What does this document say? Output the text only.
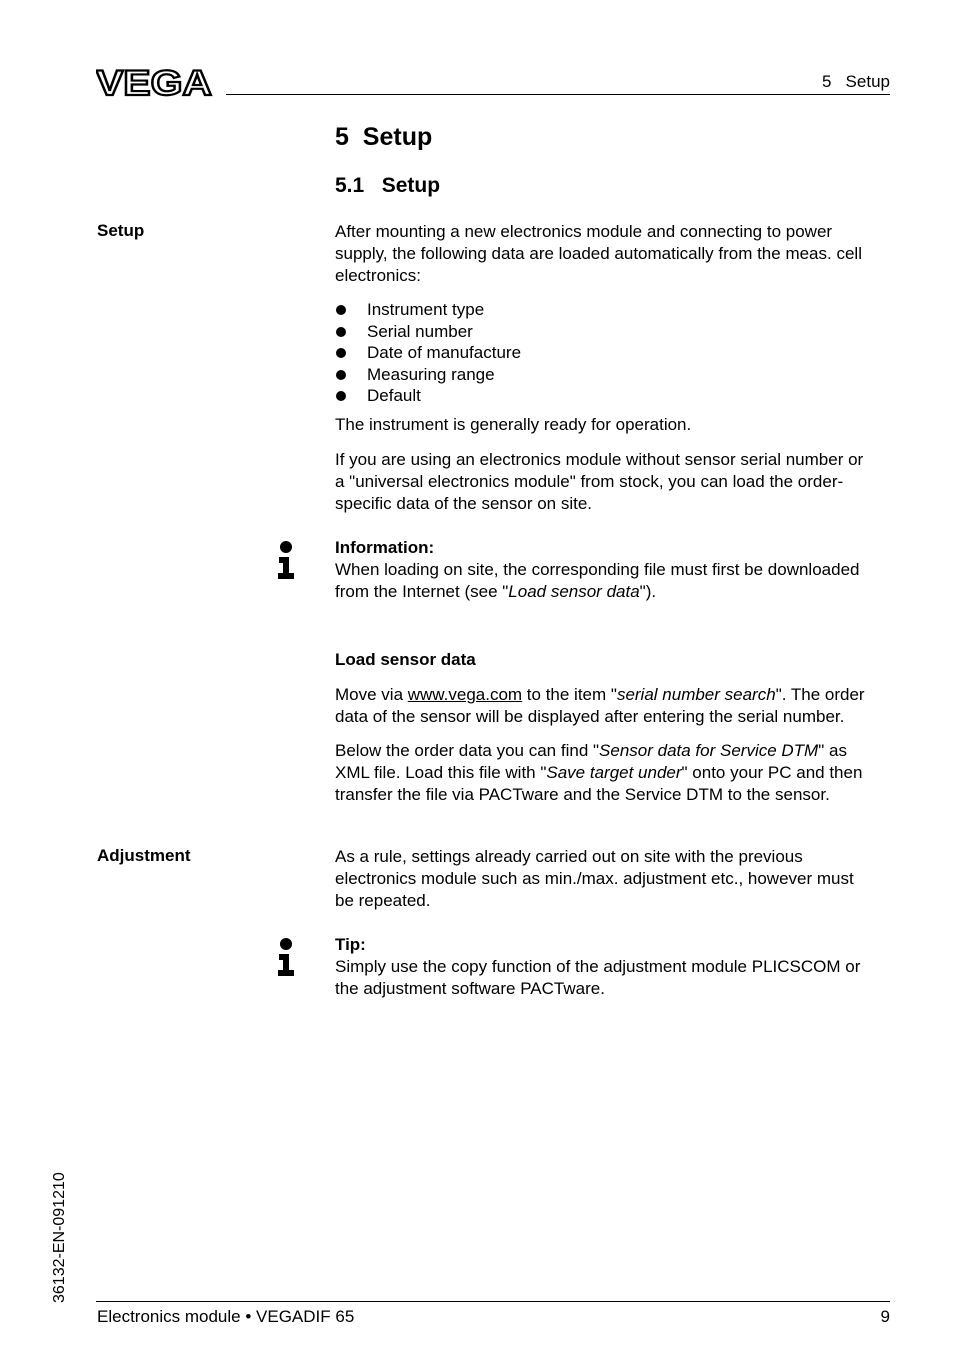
VEGA	5   Setup
5  Setup
5.1   Setup
Setup	After mounting a new electronics module and connecting to power

supply, the following data are loaded automatically from the meas. cell

electronics:

Instrument type
Serial number
Date of manufacture
Measuring range
Default

The instrument is generally ready for operation.

If you are using an electronics module without sensor serial number or

a "universal electronics module" from stock, you can load the order-

specific data of the sensor on site.

Information:

When loading on site, the corresponding file must first be downloaded

from the Internet (see "Load sensor data").

Load sensor data

Move via www.vega.com to the item "serial number search". The order

data of the sensor will be displayed after entering the serial number.

Below the order data you can find "Sensor data for Service DTM" as

XML file. Load this file with "Save target under" onto your PC and then

transfer the file via PACTware and the Service DTM to the sensor.

Adjustment	As a rule, settings already carried out on site with the previous

electronics module such as min./max. adjustment etc., however must

be repeated.

Tip:

Simply use the copy function of the adjustment module PLICSCOM or

the adjustment software PACTware.

36132-EN-091210
Electronics module • VEGADIF 65	9
